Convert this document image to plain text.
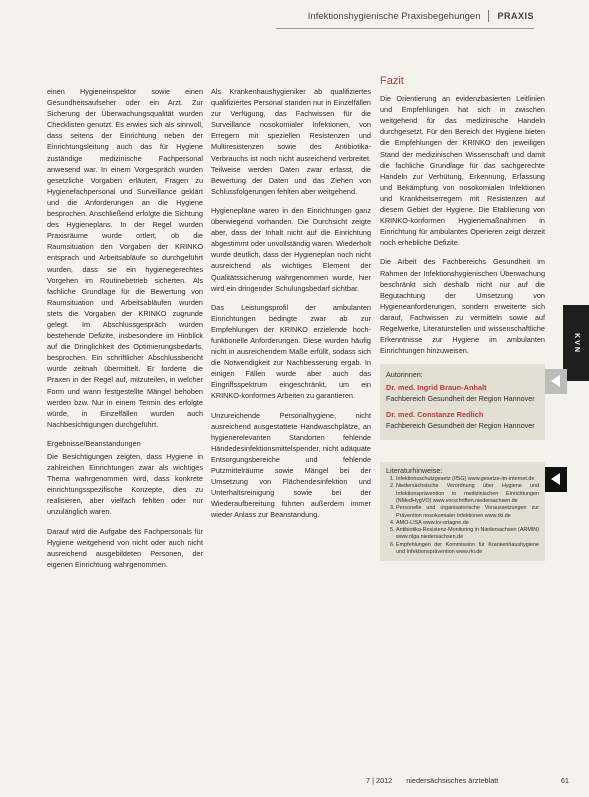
Infektionshygienische Praxisbegehungen PRAXIS
KVN

einen Hygieneinspektor sowie einen Gesundheitsaufseher oder ein Arzt. Zur Sicherung der Überwachungsqualität wurden Checklisten genutzt. Es erwies sich als sinnvoll, dass seitens der Einrichtung neben der Einrichtungsleitung auch das für Hygiene zuständige medizinische Fachpersonal anwesend war. In einem Vorgespräch wurden gesetzliche Vorgaben erläutert, Fragen zu Hygienefachpersonal und Surveillance geklärt und die Anforderungen an die Hygiene besprochen. Anschließend erfolgte die Sichtung des Hygieneplans. In der Regel wurden Praxisräume wurde ortlert, ob die Raumsituation den Vorgaben der KRINKO entsprach und Arbeitsabläufe so durchgeführt wurden, dass sie ein hygienegerechtes Vorgehen im Routinebetrieb sicherten. Als fachliche Grundlage für die Bewertung von Raumsituation und Arbeitsabläufen wurden stets die Vorgaben der KRINKO zugrunde gelegt. Im Abschlussgespräch wurden bestehende Defizite, insbesondere im Hinblick auf die Dringlichkeit des Optimierungsbedarfs, besprochen. Ein schriftlicher Abschlussbericht wurde zeitnah übermittelt. Er forderte die Praxen in der Regel auf, mitzuteilen, in welcher Form und wann festgestellte Mängel behoben werden bzw. Nur in einem Termin des erfolgte würde, in Einzelfällen wurden auch Nachbesichtigungen durchgeführt.

Ergebnisse/Beanstandungen

Die Besichtigungen zeigten, dass Hygiene in zahlreichen Einrichtungen zwar als wichtiges Thema wahrgenommen wird, dass konkrete einrichtungsspezifische Konzepte, dies zu realisieren, aber vielfach fehlten oder nur unzulänglich waren.

Darauf wird die Aufgabe des Fachpersonals für Hygiene weitgehend von nicht oder auch nicht ausreichend ausgebildeten Personen, der eigenen Einrichtung wahrgenommen.

Als Krankenhaushygieniker ab qualifiziertes qualifiziertes Personal standen nur in Einzelfällen zur Verfügung, das Fachwissen für die Surveillance nosokomialer Infektionen, von Erregern mit speziellen Resistenzen und Multiresistenzen sowie des Antibiotika-Verbrauchs ist noch nicht ausreichend verbreitet. Teilweise werden Daten zwar erfasst, die Bewertung der Daten und das Ziehen von Schlussfolgerungen fehlten aber weitgehend.

Hygienepläne waren in den Einrichtungen ganz überwiegend vorhanden. Die Durchsicht zeigte aber, dass der Inhalt nicht auf die Einrichtung abgestimmt oder unvollständig waren. Wiederholt wurde deutlich, dass der Hygieneplan noch nicht ausreichend als wichtiges Element der Qualitätssicherung wahrgenommen wurde, hier wird ein dringender Schulungsbedarf sichtbar.

Das Leistungsprofil der ambulanten Einrichtungen bedingte zwar ab zur Empfehlungen der KRINKO erzielende hoch-funktionelle Anforderungen. Diese wurden häufig nicht in ausreichendem Maße erfüllt, sodass sich die Notwendigkeit zur Nachbesserung ergab. In einigen Fällen wurde aber auch das Eingriffsspektrum eingeschränkt, um ein KRINKO-konformes Arbeiten zu garantieren.

Unzureichende Personalhygiene, nicht ausreichend ausgestattete Handwaschplätze, an hygienerelevanten Standorten fehlende Händedesinfektionsmittelspender, nicht adäquate Entsorgungsbereiche und fehlende Putzmittelräume sowie Mängel bei der Umsetzung von Flächendesinfektion und Unterhaltsreinigung sowie bei der Wiederaufbereitung führten außerdem immer wieder Anlass zur Beanstandung.

Fazit

Die Orientierung an evidenzbasierten Leitlinien und Empfehlungen hat sich in zwischen weitgehend für das medizinische Handeln durchgesetzt. Für den Bereich der Hygiene bieten die Empfehlungen der KRINKO den jeweiligen Stand der medizinischen Wissenschaft und damit die fachliche Grundlage für das sachgerechte Handeln zur Verhütung, Erkennung, Erfassung und Bekämpfung von nosokomialen Infektionen und Krankheitserregern mit Resistenzen auf diesem Gebiet der Hygiene. Die Etablierung von KRINKO-konformen Hygienemaßnahmen in Einrichtung für ambulantes Operieren zeigt derzeit noch erhebliche Defizite.

Die Arbeit des Fachbereichs Gesundheit im Rahmen der Infektionshygienischen Überwachung beschränkt sich deshalb nicht nur auf die Begutachtung der Umsetzung von Hygieneanforderungen, sondern erweiterte sich darauf, Fachwissen zu vermitteln sowie auf Regelwerke, Literaturstellen und wissenschaftliche Erkenntnisse zur Hygiene im ambulanten Einrichtungen hinzuweisen.

Autorinnen:
Dr. med. Ingrid Braun-Anhalt
Fachbereich Gesundheit der Region Hannover
Dr. med. Constanze Redlich
Fachbereich Gesundheit der Region Hannover
Literaturhinweise:
1. Infektionsschutzgesetz (IfSG) www.gesetze-im-internet.de
2. Niedersächsische Verordnung über Hygiene und Infektionsprävention in medizinischen Einrichtungen (NMedHygVO) www.vorschriften.niedersachsen.de
3. Personelle und organisatorische Voraussetzungen zur Prävention nosokomialer Infektionen www.rki.de
4. AMO-LISA www.kv-ortagne.de
5. Antibiotika-Resistenz-Monitoring in Niedersachsen (ARMIN) www.nlga.niedersachsen.de
6. Empfehlungen der Kommission für Krankenhaushygiene und Infektionsprävention www.rki.de
7 | 2012	niedersächsisches ärzteblatt	61
